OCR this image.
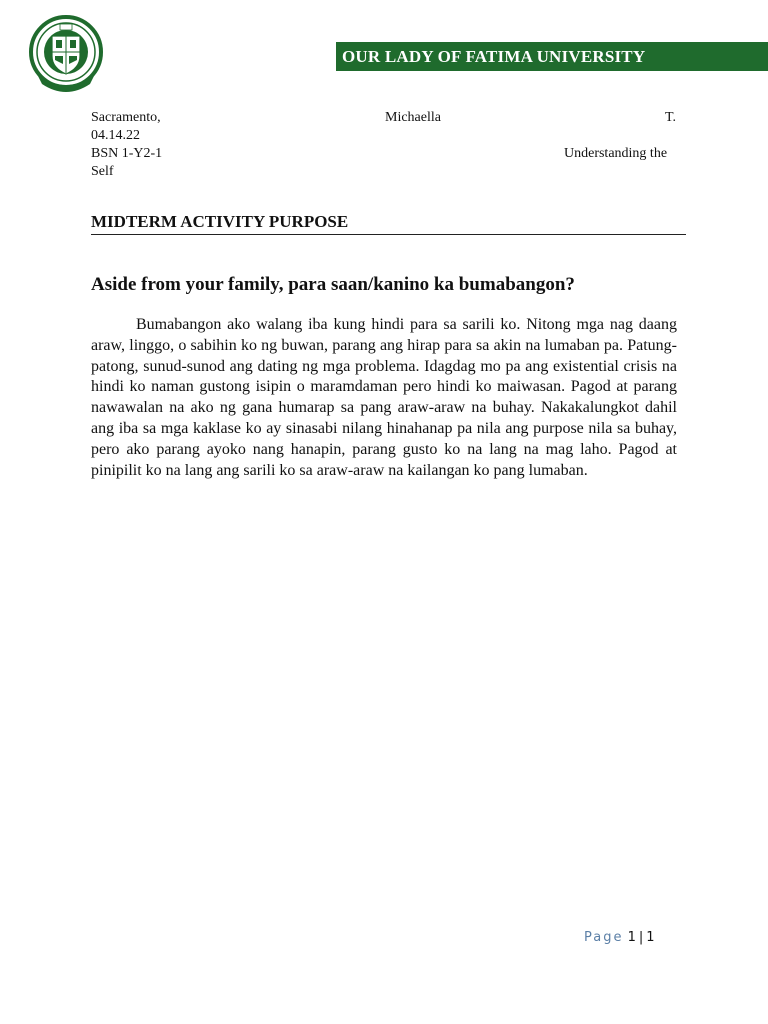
OUR LADY OF FATIMA UNIVERSITY
Sacramento,	Michaella	T.
04.14.22
BSN 1-Y2-1	Understanding the
Self
MIDTERM ACTIVITY PURPOSE
Aside from your family, para saan/kanino ka bumabangon?

Bumabangon ako walang iba kung hindi para sa sarili ko. Nitong mga nag daang araw, linggo, o sabihin ko ng buwan, parang ang hirap para sa akin na lumaban pa. Patung-patong, sunud-sunod ang dating ng mga problema. Idagdag mo pa ang existential crisis na hindi ko naman gustong isipin o maramdaman pero hindi ko maiwasan. Pagod at parang nawawalan na ako ng gana humarap sa pang araw-araw na buhay. Nakakalungkot dahil ang iba sa mga kaklase ko ay sinasabi nilang hinahanap pa nila ang purpose nila sa buhay, pero ako parang ayoko nang hanapin, parang gusto ko na lang na mag laho. Pagod at pinipilit ko na lang ang sarili ko sa araw-araw na kailangan ko pang lumaban.

Page 1 | 1
